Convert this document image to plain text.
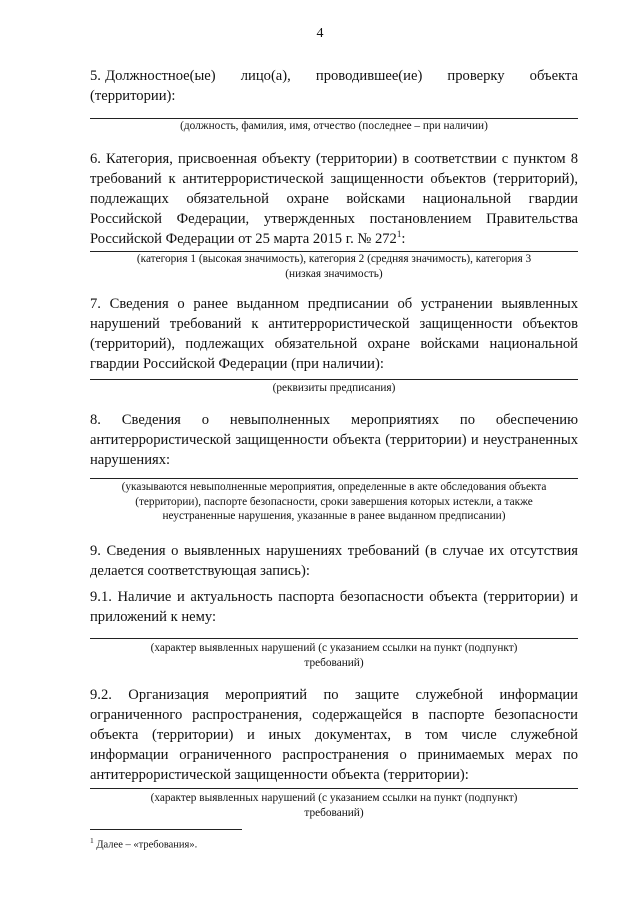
4
5. Должностное(ые)      лицо(а),      проводившее(ие)      проверку      объекта
(территории):
(должность, фамилия, имя, отчество (последнее – при наличии)
6. Категория, присвоенная объекту (территории) в соответствии с пунктом 8 требований к антитеррористической защищенности объектов (территорий), подлежащих обязательной охране войсками национальной гвардии Российской Федерации, утвержденных постановлением Правительства Российской Федерации от 25 марта 2015 г. № 272$^1$:
(категория 1 (высокая значимость), категория 2 (средняя значимость), категория 3
(низкая значимость)
7. Сведения о ранее выданном предписании об устранении выявленных нарушений требований к антитеррористической защищенности объектов (территорий), подлежащих обязательной охране войсками национальной гвардии Российской Федерации (при наличии):
(реквизиты предписания)
8. Сведения о невыполненных мероприятиях по обеспечению антитеррористической защищенности объекта (территории) и неустраненных нарушениях:
(указываются невыполненные мероприятия, определенные в акте обследования объекта
(территории), паспорте безопасности, сроки завершения которых истекли, а также
неустраненные нарушения, указанные в ранее выданном предписании)
9. Сведения о выявленных нарушениях требований (в случае их отсутствия делается соответствующая запись):
9.1. Наличие и актуальность паспорта безопасности объекта (территории) и приложений к нему:
(характер выявленных нарушений (с указанием ссылки на пункт (подпункт)
требований)
9.2. Организация мероприятий по защите служебной информации ограниченного распространения, содержащейся в паспорте безопасности объекта (территории) и иных документах, в том числе служебной информации ограниченного распространения о принимаемых мерах по антитеррористической защищенности объекта (территории):
(характер выявленных нарушений (с указанием ссылки на пункт (подпункт)
требований)
$^1$ Далее – «требования».
